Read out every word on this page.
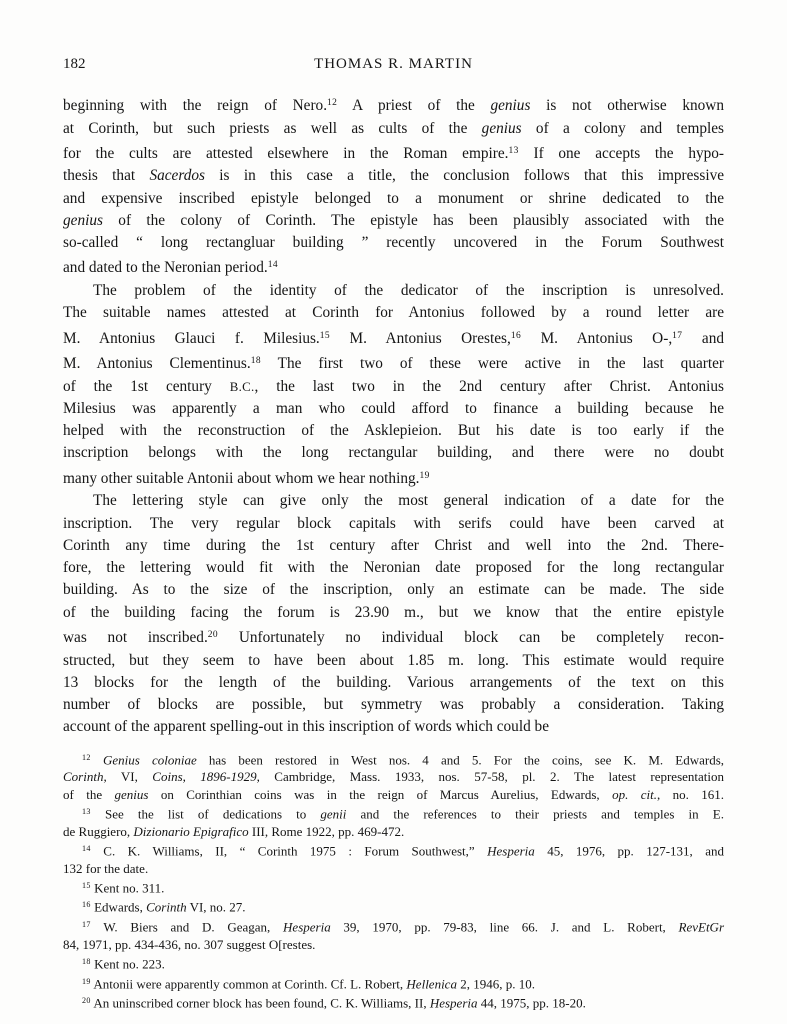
182	THOMAS R. MARTIN
beginning with the reign of Nero.$^{12}$ A priest of the genius is not otherwise known
at Corinth, but such priests as well as cults of the genius of a colony and temples
for the cults are attested elsewhere in the Roman empire.$^{13}$ If one accepts the hypo-
thesis that Sacerdos is in this case a title, the conclusion follows that this impressive
and expensive inscribed epistyle belonged to a monument or shrine dedicated to the
genius of the colony of Corinth. The epistyle has been plausibly associated with the
so-called “ long rectangluar building ” recently uncovered in the Forum Southwest
and dated to the Neronian period.$^{14}$
The problem of the identity of the dedicator of the inscription is unresolved.
The suitable names attested at Corinth for Antonius followed by a round letter are
M. Antonius Glauci f. Milesius.$^{15}$ M. Antonius Orestes,$^{16}$ M. Antonius O-,$^{17}$ and
M. Antonius Clementinus.$^{18}$ The first two of these were active in the last quarter
of the 1st century B.C., the last two in the 2nd century after Christ. Antonius
Milesius was apparently a man who could afford to finance a building because he
helped with the reconstruction of the Asklepieion. But his date is too early if the
inscription belongs with the long rectangular building, and there were no doubt
many other suitable Antonii about whom we hear nothing.$^{19}$
The lettering style can give only the most general indication of a date for the
inscription. The very regular block capitals with serifs could have been carved at
Corinth any time during the 1st century after Christ and well into the 2nd. There-
fore, the lettering would fit with the Neronian date proposed for the long rectangular
building. As to the size of the inscription, only an estimate can be made. The side
of the building facing the forum is 23.90 m., but we know that the entire epistyle
was not inscribed.$^{20}$ Unfortunately no individual block can be completely recon-
structed, but they seem to have been about 1.85 m. long. This estimate would require
13 blocks for the length of the building. Various arrangements of the text on this
number of blocks are possible, but symmetry was probably a consideration. Taking
account of the apparent spelling-out in this inscription of words which could be
$^{12}$ Genius coloniae has been restored in West nos. 4 and 5. For the coins, see K. M. Edwards,
Corinth, VI, Coins, 1896-1929, Cambridge, Mass. 1933, nos. 57-58, pl. 2. The latest representation
of the genius on Corinthian coins was in the reign of Marcus Aurelius, Edwards, op. cit., no. 161.
$^{13}$ See the list of dedications to genii and the references to their priests and temples in E.
de Ruggiero, Dizionario Epigrafico III, Rome 1922, pp. 469-472.
$^{14}$ C. K. Williams, II, “ Corinth 1975 : Forum Southwest,” Hesperia 45, 1976, pp. 127-131, and
132 for the date.
$^{15}$ Kent no. 311.
$^{16}$ Edwards, Corinth VI, no. 27.
$^{17}$ W. Biers and D. Geagan, Hesperia 39, 1970, pp. 79-83, line 66. J. and L. Robert, RevEtGr
84, 1971, pp. 434-436, no. 307 suggest O[restes.
$^{18}$ Kent no. 223.
$^{19}$ Antonii were apparently common at Corinth. Cf. L. Robert, Hellenica 2, 1946, p. 10.
$^{20}$ An uninscribed corner block has been found, C. K. Williams, II, Hesperia 44, 1975, pp. 18-20.
